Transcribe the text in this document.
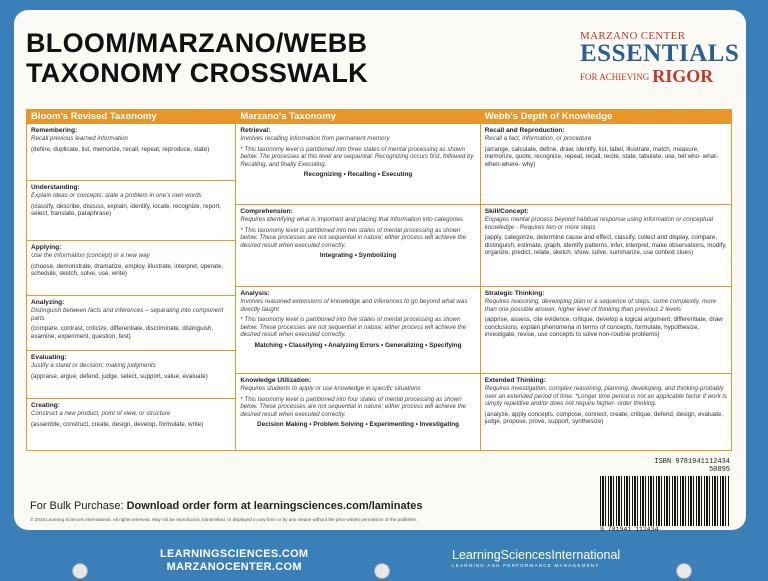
BLOOM/MARZANO/WEBB
TAXONOMY CROSSWALK
MARZANO CENTER
ESSENTIALS
FOR ACHIEVING RIGOR
Bloom's Revised Taxonomy
Remembering:
Recall previous learned information
(define, duplicate, list, memorize, recall, repeat, reproduce, state)
Understanding:
Explain ideas or concepts; state a problem in one's own words
(classify, describe, discuss, explain, identify, locate, recognize, report, select, translate, paraphrase)
Applying:
Use the information (concept) in a new way
(choose, demonstrate, dramatize, employ, illustrate, interpret, operate, schedule, sketch, solve, use, write)
Analyzing:
Distinguish between facts and inferences – separating into component parts
(compare, contrast, criticize, differentiate, discriminate, distinguish, examine, experiment, question, test)
Evaluating:
Justify a stand or decision; making judgments
(appraise, argue, defend, judge, select, support, value, evaluate)
Creating:
Construct a new product, point of view, or structure
(assemble, construct, create, design, develop, formulate, write)
Marzano's Taxonomy
Retrieval:
Involves recalling information from permanent memory
* This taxonomy level is partitioned into three states of mental processing as shown below. The processes at this level are sequential. Recognizing occurs first, followed by Recalling, and finally Executing.
Recognizing • Recalling • Executing
Comprehension:
Requires identifying what is important and placing that information into categories
* This taxonomy level is partitioned into two states of mental processing as shown below. These processes are not sequential in nature; either process will achieve the desired result when executed correctly.
Integrating • Symbolizing
Analysis:
Involves reasoned extensions of knowledge and inferences to go beyond what was directly taught
* This taxonomy level is partitioned into five states of mental processing as shown below. These processes are not sequential in nature; either process will achieve the desired result when executed correctly.
Matching • Classifying • Analyzing Errors • Generalizing • Specifying
Knowledge Utilization:
Requires students to apply or use knowledge in specific situations
* This taxonomy level is partitioned into four states of mental processing as shown below. These processes are not sequential in nature; either process will achieve the desired result when executed correctly.
Decision Making • Problem Solving • Experimenting • Investigating
Webb's Depth of Knowledge
Recall and Reproduction:
Recall a fact, information, or procedure
(arrange, calculate, define, draw, identify, list, label, illustrate, match, measure, memorize, quote, recognize, repeat, recall, recite, state, tabulate, use, tell who- what- when-where- why)
Skill/Concept:
Engages mental process beyond habitual response using information or conceptual knowledge - Requires two or more steps
(apply, categorize, determine cause and effect, classify, collect and display, compare, distinguish, estimate, graph, identify patterns, infer, interpret, make observations, modify, organize, predict, relate, sketch, show, solve, summarize, use context clues)
Strategic Thinking:
Requires reasoning, developing plan or a sequence of steps, some complexity, more than one possible answer, higher level of thinking than previous 2 levels
(apprise, assess, cite evidence, critique, develop a logical argument, differentiate, draw conclusions, explain phenomena in terms of concepts, formulate, hypothesize, investigate, revise, use concepts to solve non-routine problems)
Extended Thinking:
Requires investigation, complex reasoning, planning, developing, and thinking-probably over an extended period of time. *Longer time period is not an applicable factor if work is simply repetitive and/or does not require higher- order thinking.
(analyze, apply concepts, compose, connect, create, critique, defend, design, evaluate, judge, propose, prove, support, synthesize)
ISBN 9781941112434
50895
9 781941 112434
For Bulk Purchase: Download order form at learningsciences.com/laminates
© 2015 Learning Sciences International. All rights reserved. May not be reproduced, transmitted, or displayed in any form or by any means without the prior written permission of the publisher.
LEARNINGSCIENCES.COM
MARZANOCENTER.COM
LearningSciencesInternational
LEARNING AND PERFORMANCE MANAGEMENT
